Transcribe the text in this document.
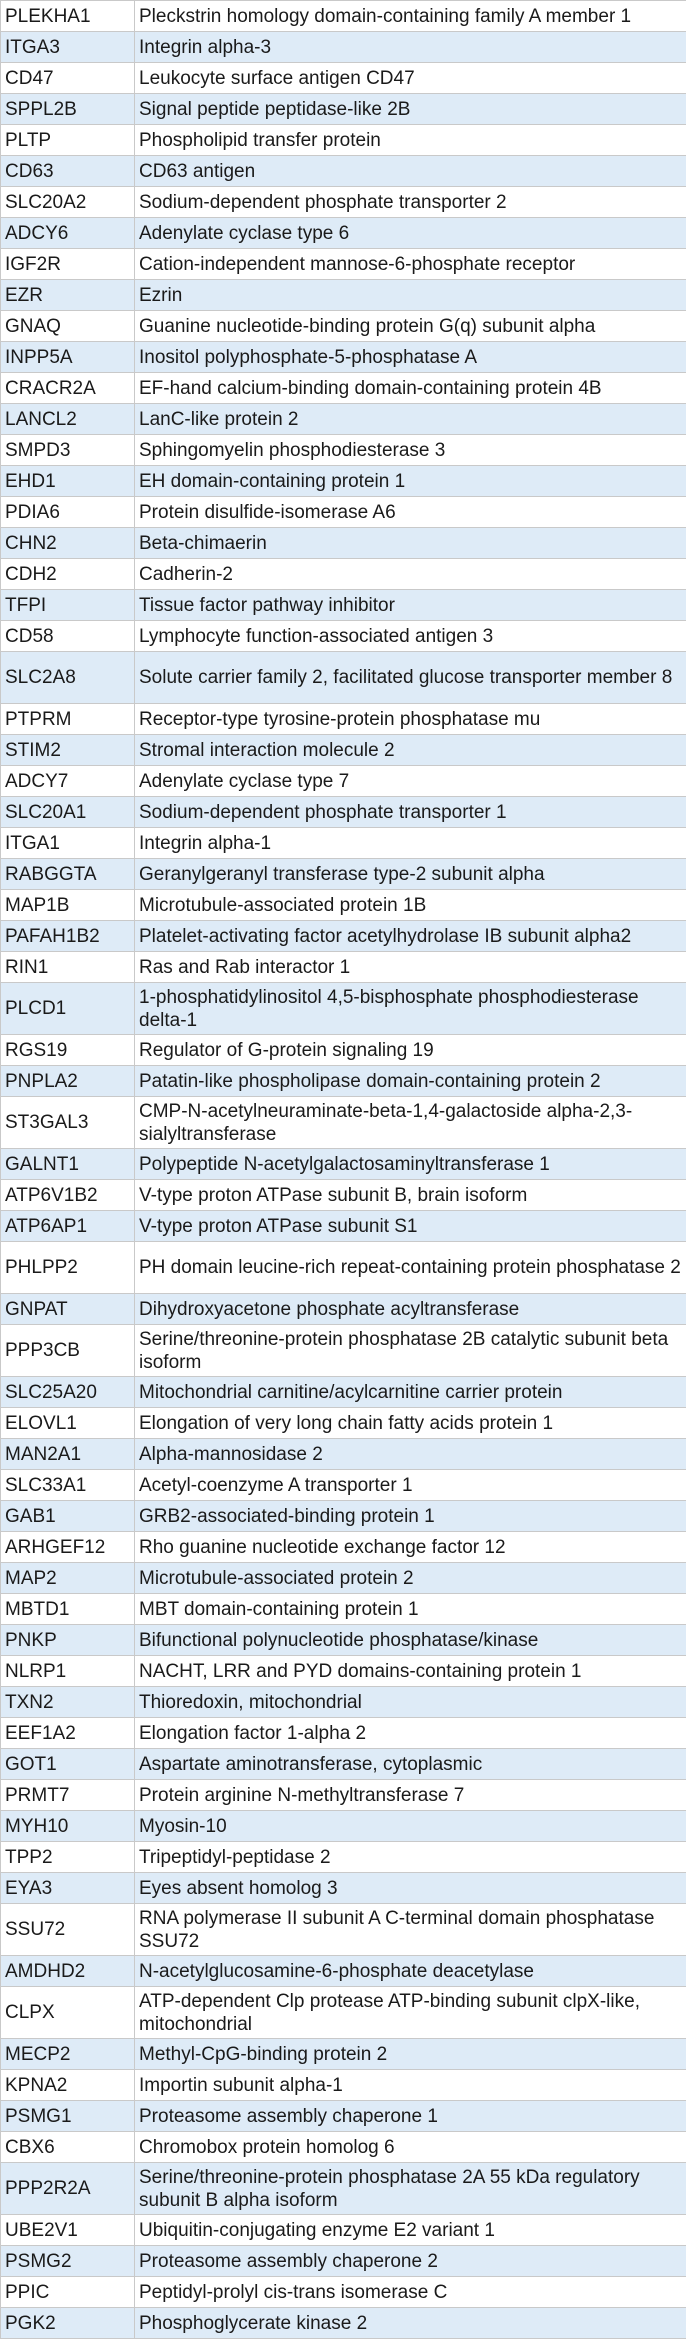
PLEKHA1	Pleckstrin homology domain-containing family A member 1
ITGA3	Integrin alpha-3
CD47	Leukocyte surface antigen CD47
SPPL2B	Signal peptide peptidase-like 2B
PLTP	Phospholipid transfer protein
CD63	CD63 antigen
SLC20A2	Sodium-dependent phosphate transporter 2
ADCY6	Adenylate cyclase type 6
IGF2R	Cation-independent mannose-6-phosphate receptor
EZR	Ezrin
GNAQ	Guanine nucleotide-binding protein G(q) subunit alpha
INPP5A	Inositol polyphosphate-5-phosphatase A
CRACR2A	EF-hand calcium-binding domain-containing protein 4B
LANCL2	LanC-like protein 2
SMPD3	Sphingomyelin phosphodiesterase 3
EHD1	EH domain-containing protein 1
PDIA6	Protein disulfide-isomerase A6
CHN2	Beta-chimaerin
CDH2	Cadherin-2
TFPI	Tissue factor pathway inhibitor
CD58	Lymphocyte function-associated antigen 3
SLC2A8	Solute carrier family 2, facilitated glucose transporter member 8
PTPRM	Receptor-type tyrosine-protein phosphatase mu
STIM2	Stromal interaction molecule 2
ADCY7	Adenylate cyclase type 7
SLC20A1	Sodium-dependent phosphate transporter 1
ITGA1	Integrin alpha-1
RABGGTA	Geranylgeranyl transferase type-2 subunit alpha
MAP1B	Microtubule-associated protein 1B
PAFAH1B2	Platelet-activating factor acetylhydrolase IB subunit alpha2
RIN1	Ras and Rab interactor 1
PLCD1	1-phosphatidylinositol 4,5-bisphosphate phosphodiesterase delta-1
RGS19	Regulator of G-protein signaling 19
PNPLA2	Patatin-like phospholipase domain-containing protein 2
ST3GAL3	CMP-N-acetylneuraminate-beta-1,4-galactoside alpha-2,3-sialyltransferase
GALNT1	Polypeptide N-acetylgalactosaminyltransferase 1
ATP6V1B2	V-type proton ATPase subunit B, brain isoform
ATP6AP1	V-type proton ATPase subunit S1
PHLPP2	PH domain leucine-rich repeat-containing protein phosphatase 2
GNPAT	Dihydroxyacetone phosphate acyltransferase
PPP3CB	Serine/threonine-protein phosphatase 2B catalytic subunit beta isoform
SLC25A20	Mitochondrial carnitine/acylcarnitine carrier protein
ELOVL1	Elongation of very long chain fatty acids protein 1
MAN2A1	Alpha-mannosidase 2
SLC33A1	Acetyl-coenzyme A transporter 1
GAB1	GRB2-associated-binding protein 1
ARHGEF12	Rho guanine nucleotide exchange factor 12
MAP2	Microtubule-associated protein 2
MBTD1	MBT domain-containing protein 1
PNKP	Bifunctional polynucleotide phosphatase/kinase
NLRP1	NACHT, LRR and PYD domains-containing protein 1
TXN2	Thioredoxin, mitochondrial
EEF1A2	Elongation factor 1-alpha 2
GOT1	Aspartate aminotransferase, cytoplasmic
PRMT7	Protein arginine N-methyltransferase 7
MYH10	Myosin-10
TPP2	Tripeptidyl-peptidase 2
EYA3	Eyes absent homolog 3
SSU72	RNA polymerase II subunit A C-terminal domain phosphatase SSU72
AMDHD2	N-acetylglucosamine-6-phosphate deacetylase
CLPX	ATP-dependent Clp protease ATP-binding subunit clpX-like, mitochondrial
MECP2	Methyl-CpG-binding protein 2
KPNA2	Importin subunit alpha-1
PSMG1	Proteasome assembly chaperone 1
CBX6	Chromobox protein homolog 6
PPP2R2A	Serine/threonine-protein phosphatase 2A 55 kDa regulatory subunit B alpha isoform
UBE2V1	Ubiquitin-conjugating enzyme E2 variant 1
PSMG2	Proteasome assembly chaperone 2
PPIC	Peptidyl-prolyl cis-trans isomerase C
PGK2	Phosphoglycerate kinase 2
